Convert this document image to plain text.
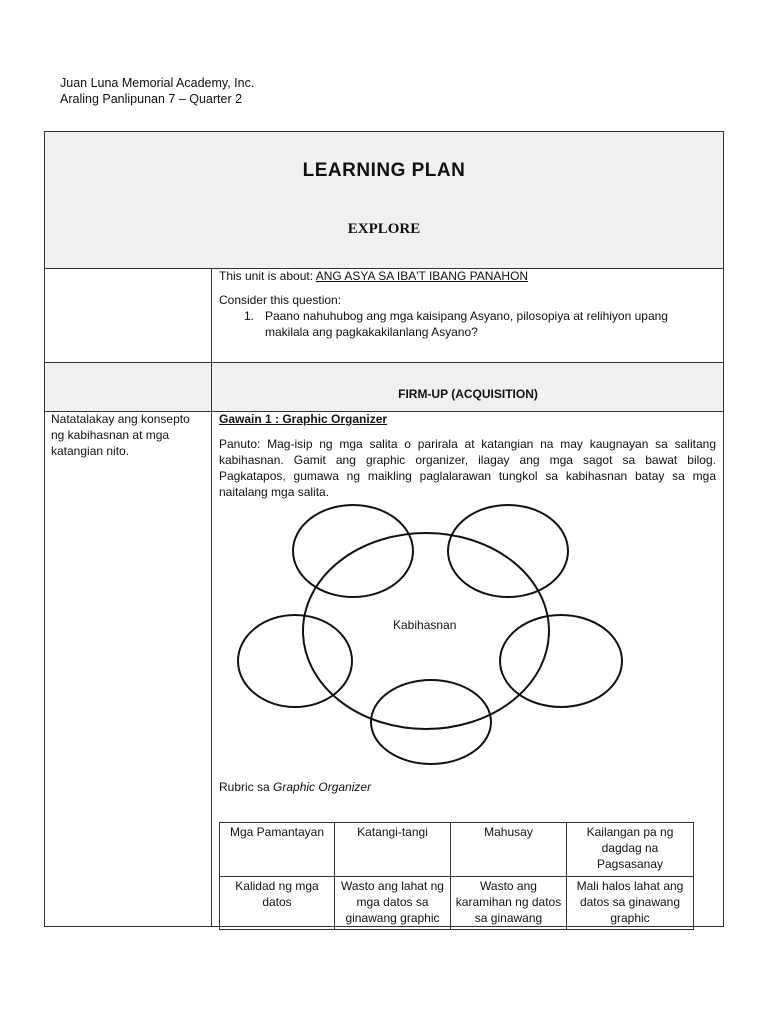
Juan Luna Memorial Academy, Inc.
Araling Panlipunan 7 – Quarter 2
LEARNING PLAN
EXPLORE
This unit is about: ANG ASYA SA IBA'T IBANG PANAHON
Consider this question:
1. Paano nahuhubog ang mga kaisipang Asyano, pilosopiya at relihiyon upang
makilala ang pagkakakilanlang Asyano?
FIRM-UP (ACQUISITION)
Natatalakay ang konsepto
ng kabihasnan at mga
katangian nito.
Gawain 1 : Graphic Organizer
Panuto: Mag-isip ng mga salita o parirala at katangian na may kaugnayan sa salitang
kabihasnan. Gamit ang graphic organizer, ilagay ang mga sagot sa bawat bilog.
Pagkatapos, gumawa ng maikling paglalarawan tungkol sa kabihasnan batay sa mga
naitalang mga salita.
Kabihasnan
Rubric sa Graphic Organizer
Mga Pamantayan	Katangi-tangi	Mahusay	Kailangan pa ng dagdag na Pagsasanay
Kalidad ng mga datos	Wasto ang lahat ng mga datos sa ginawang graphic	Wasto ang karamihan ng datos sa ginawang	Mali halos lahat ang datos sa ginawang graphic
